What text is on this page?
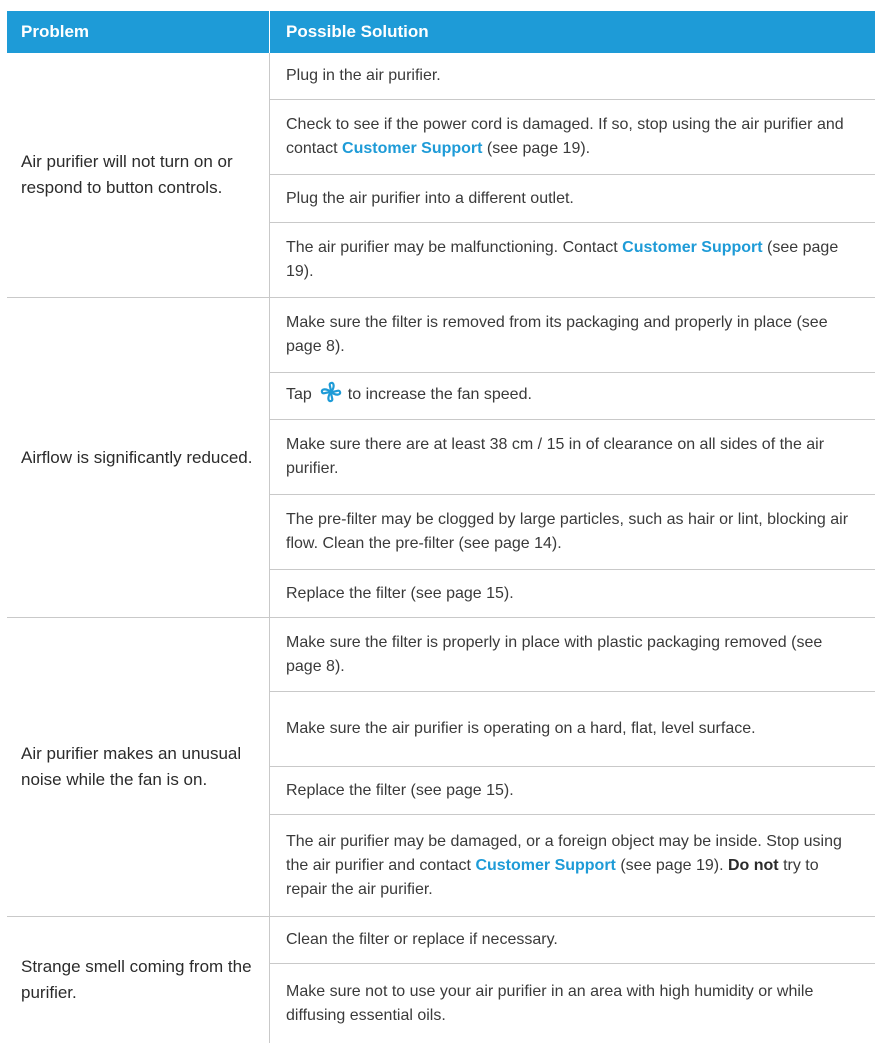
Problem	Possible Solution
Air purifier will not turn on or respond to button controls.
Plug in the air purifier.
Check to see if the power cord is damaged. If so, stop using the air purifier and contact Customer Support (see page 19).
Plug the air purifier into a different outlet.
The air purifier may be malfunctioning. Contact Customer Support (see page 19).
Airflow is significantly reduced.
Make sure the filter is removed from its packaging and properly in place (see page 8).
Tap to increase the fan speed.
Make sure there are at least 38 cm / 15 in of clearance on all sides of the air purifier.
The pre-filter may be clogged by large particles, such as hair or lint, blocking air flow. Clean the pre-filter (see page 14).
Replace the filter (see page 15).
Air purifier makes an unusual noise while the fan is on.
Make sure the filter is properly in place with plastic packaging removed (see page 8).
Make sure the air purifier is operating on a hard, flat, level surface.
Replace the filter (see page 15).
The air purifier may be damaged, or a foreign object may be inside. Stop using the air purifier and contact Customer Support (see page 19). Do not try to repair the air purifier.
Strange smell coming from the purifier.
Clean the filter or replace if necessary.
Make sure not to use your air purifier in an area with high humidity or while diffusing essential oils.
